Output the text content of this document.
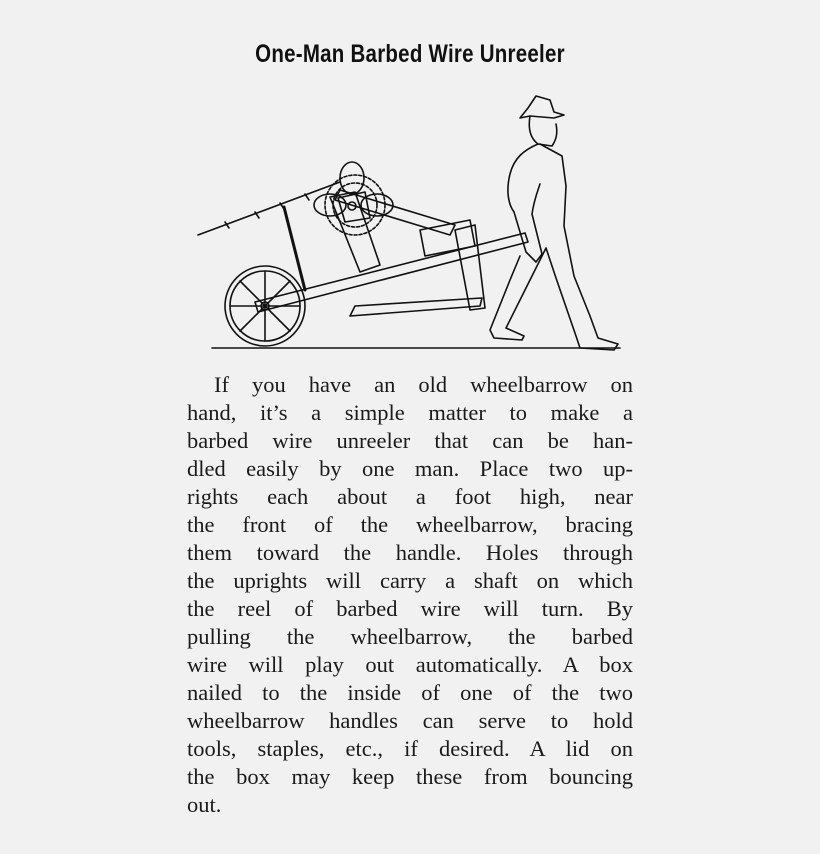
One-Man Barbed Wire Unreeler
If you have an old wheelbarrow on
hand, it’s a simple matter to make a
barbed wire unreeler that can be han-
dled easily by one man. Place two up-
rights each about a foot high, near
the front of the wheelbarrow, bracing
them toward the handle. Holes through
the uprights will carry a shaft on which
the reel of barbed wire will turn. By
pulling the wheelbarrow, the barbed
wire will play out automatically. A box
nailed to the inside of one of the two
wheelbarrow handles can serve to hold
tools, staples, etc., if desired. A lid on
the box may keep these from bouncing
out.
